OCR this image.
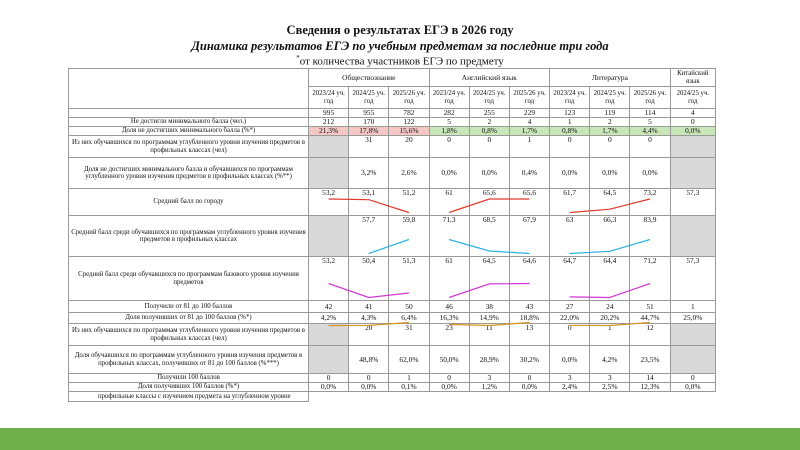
Сведения о результатах ЕГЭ в 2026 году
Динамика результатов ЕГЭ по учебным предметам за последние три года
*от количества участников ЕГЭ по предмету
	Обществознание			Английский язык			Литература			Китайский язык
	2023/24 уч. год	2024/25 уч. год	2025/26 уч. год	2023/24 уч. год	2024/25 уч. год	2025/26 уч. год	2023/24 уч. год	2024/25 уч. год	2025/26 уч. год	2024/25 уч. год
	995	955	782	282	255	229	123	119	114	4
Не достигли минимального балла (чел.)	212	170	122	5	2	4	1	2	5	0
Доля не достигших минимального балла (%*)	21,3%	17,8%	15,6%	1,8%	0,8%	1,7%	0,8%	1,7%	4,4%	0,0%
Из них обучавшихся по программам углубленного уровня изучения предметов в профильных классах (чел)		31	20	0	0	1	0	0	0	
Доля не достигших минимального балла и обучавшихся по программам углубленного уровня изучения предметов в профильных классах (%**)		3,2%	2,6%	0,0%	0,0%	0,4%	0,0%	0,0%	0,0%	
Средний балл по городу	53,2	53,1	51,2	61	65,6	65,6	61,7	64,5	73,2	57,3
Средний балл среди обучавшихся по программам углубленного уровня изучения предметов в профильных классах		57,7	59,8	71,3	68,5	67,9	63	66,3	83,9	
Средний балл среди обучавшихся по программам базового уровня изучения предметов	53,2	50,4	51,3	61	64,5	64,6	64,7	64,4	71,2	57,3
Получили от 81 до 100 баллов	42	41	50	46	38	43	27	24	51	1
Доля получивших от 81 до 100 баллов (%*)	4,2%	4,3%	6,4%	16,3%	14,9%	18,8%	22,0%	20,2%	44,7%	25,0%
Из них обучавшихся по программам углубленного уровня изучения предметов в профильных классах (чел)		20	31	23	11	13	0	1	12	
Доля обучавшихся по программам углубленного уровня изучения предметов в профильных классах, получивших от 81 до 100 баллов (%***)		48,8%	62,0%	50,0%	28,9%	30,2%	0,0%	4,2%	23,5%	
Получили 100 баллов	0	0	1	0	3	0	3	3	14	0
Доля получивших 100 баллов (%*)	0,0%	0,0%	0,1%	0,0%	1,2%	0,0%	2,4%	2,5%	12,3%	0,0%
профильные классы с изучением предмета на углубленном уровне										
